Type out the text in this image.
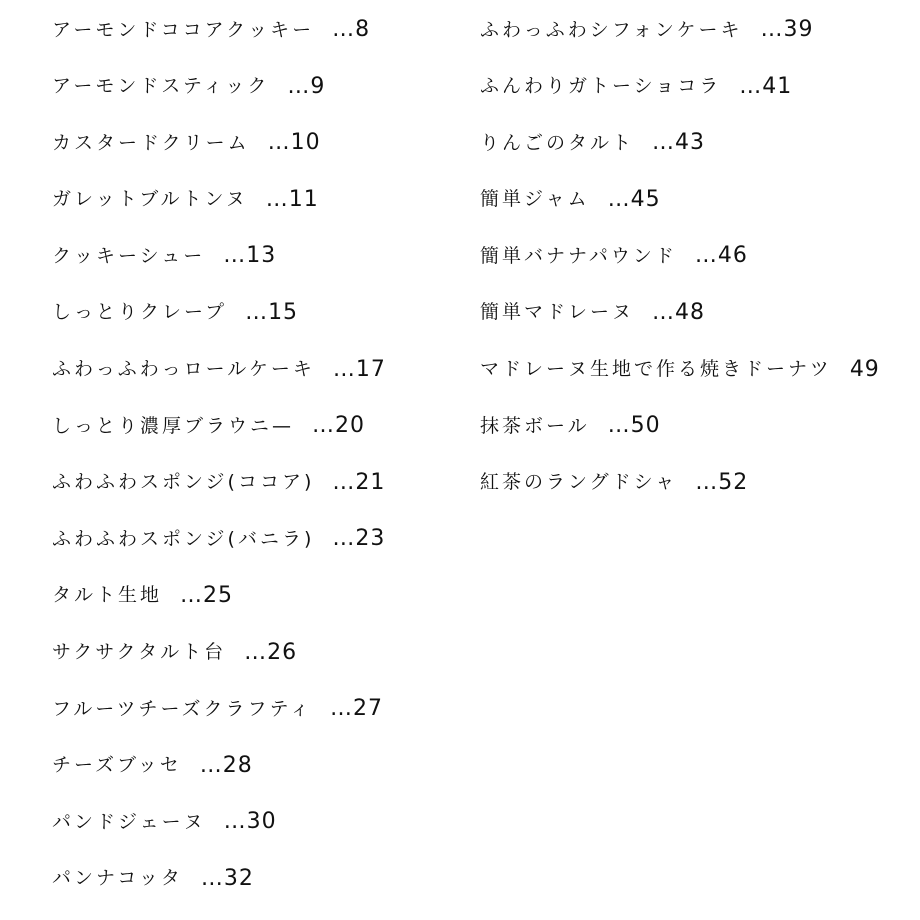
アーモンドココアクッキー …8
アーモンドスティック …9
カスタードクリーム …10
ガレットブルトンヌ …11
クッキーシュー …13
しっとりクレープ …15
ふわっふわっロールケーキ …17
しっとり濃厚ブラウニ— …20
ふわふわスポンジ(ココア) …21
ふわふわスポンジ(バニラ) …23
タルト生地 …25
サクサクタルト台 …26
フルーツチーズクラフティ …27
チーズブッセ …28
パンドジェーヌ …30
パンナコッタ …32
ふわっふわシフォンケーキ …39
ふんわりガトーショコラ …41
りんごのタルト …43
簡単ジャム …45
簡単バナナパウンド …46
簡単マドレーヌ …48
マドレーヌ生地で作る焼きドーナツ 49
抹茶ボール …50
紅茶のラングドシャ …52
